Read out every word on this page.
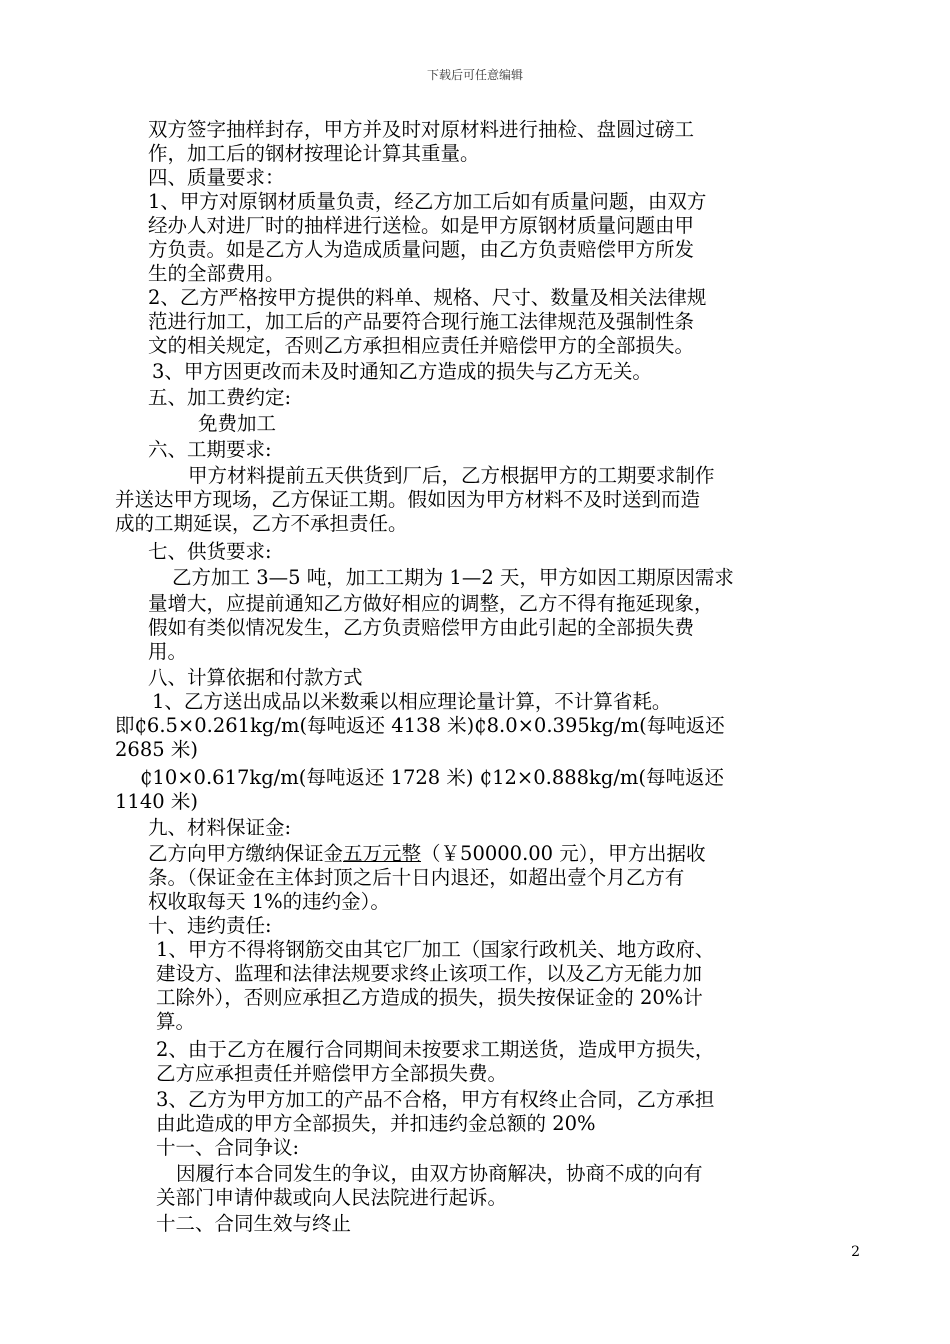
下载后可任意编辑
双方签字抽样封存，甲方并及时对原材料进行抽检、盘圆过磅工
作，加工后的钢材按理论计算其重量。
四、质量要求：
1、甲方对原钢材质量负责，经乙方加工后如有质量问题，由双方
经办人对进厂时的抽样进行送检。如是甲方原钢材质量问题由甲
方负责。如是乙方人为造成质量问题，由乙方负责赔偿甲方所发
生的全部费用。
2、乙方严格按甲方提供的料单、规格、尺寸、数量及相关法律规
范进行加工，加工后的产品要符合现行施工法律规范及强制性条
文的相关规定，否则乙方承担相应责任并赔偿甲方的全部损失。
3、甲方因更改而未及时通知乙方造成的损失与乙方无关。
五、加工费约定:
免费加工
六、工期要求:
甲方材料提前五天供货到厂后，乙方根据甲方的工期要求制作
并送达甲方现场，乙方保证工期。假如因为甲方材料不及时送到而造
成的工期延误，乙方不承担责任。
七、供货要求:
乙方加工 3—5 吨，加工工期为 1—2 天，甲方如因工期原因需求
量增大，应提前通知乙方做好相应的调整，乙方不得有拖延现象，
假如有类似情况发生，乙方负责赔偿甲方由此引起的全部损失费
用。
八、计算依据和付款方式
1、乙方送出成品以米数乘以相应理论量计算，不计算省耗。
即₵6.5×0.261kg/m(每吨返还 4138 米)₵8.0×0.395kg/m(每吨返还
2685 米)
₵10×0.617kg/m(每吨返还 1728 米) ₵12×0.888kg/m(每吨返还
1140 米)
九、材料保证金:
乙方向甲方缴纳保证金五万元整（￥50000.00 元），甲方出据收
条。（保证金在主体封顶之后十日内退还，如超出壹个月乙方有
权收取每天 1%的违约金）。
十、违约责任:
1、甲方不得将钢筋交由其它厂加工（国家行政机关、地方政府、
建设方、监理和法律法规要求终止该项工作，以及乙方无能力加
工除外），否则应承担乙方造成的损失，损失按保证金的 20%计
算。
2、由于乙方在履行合同期间未按要求工期送货，造成甲方损失，
乙方应承担责任并赔偿甲方全部损失费。
3、乙方为甲方加工的产品不合格，甲方有权终止合同，乙方承担
由此造成的甲方全部损失，并扣违约金总额的 20%
十一、合同争议:
因履行本合同发生的争议，由双方协商解决，协商不成的向有
关部门申请仲裁或向人民法院进行起诉。
十二、合同生效与终止
2
